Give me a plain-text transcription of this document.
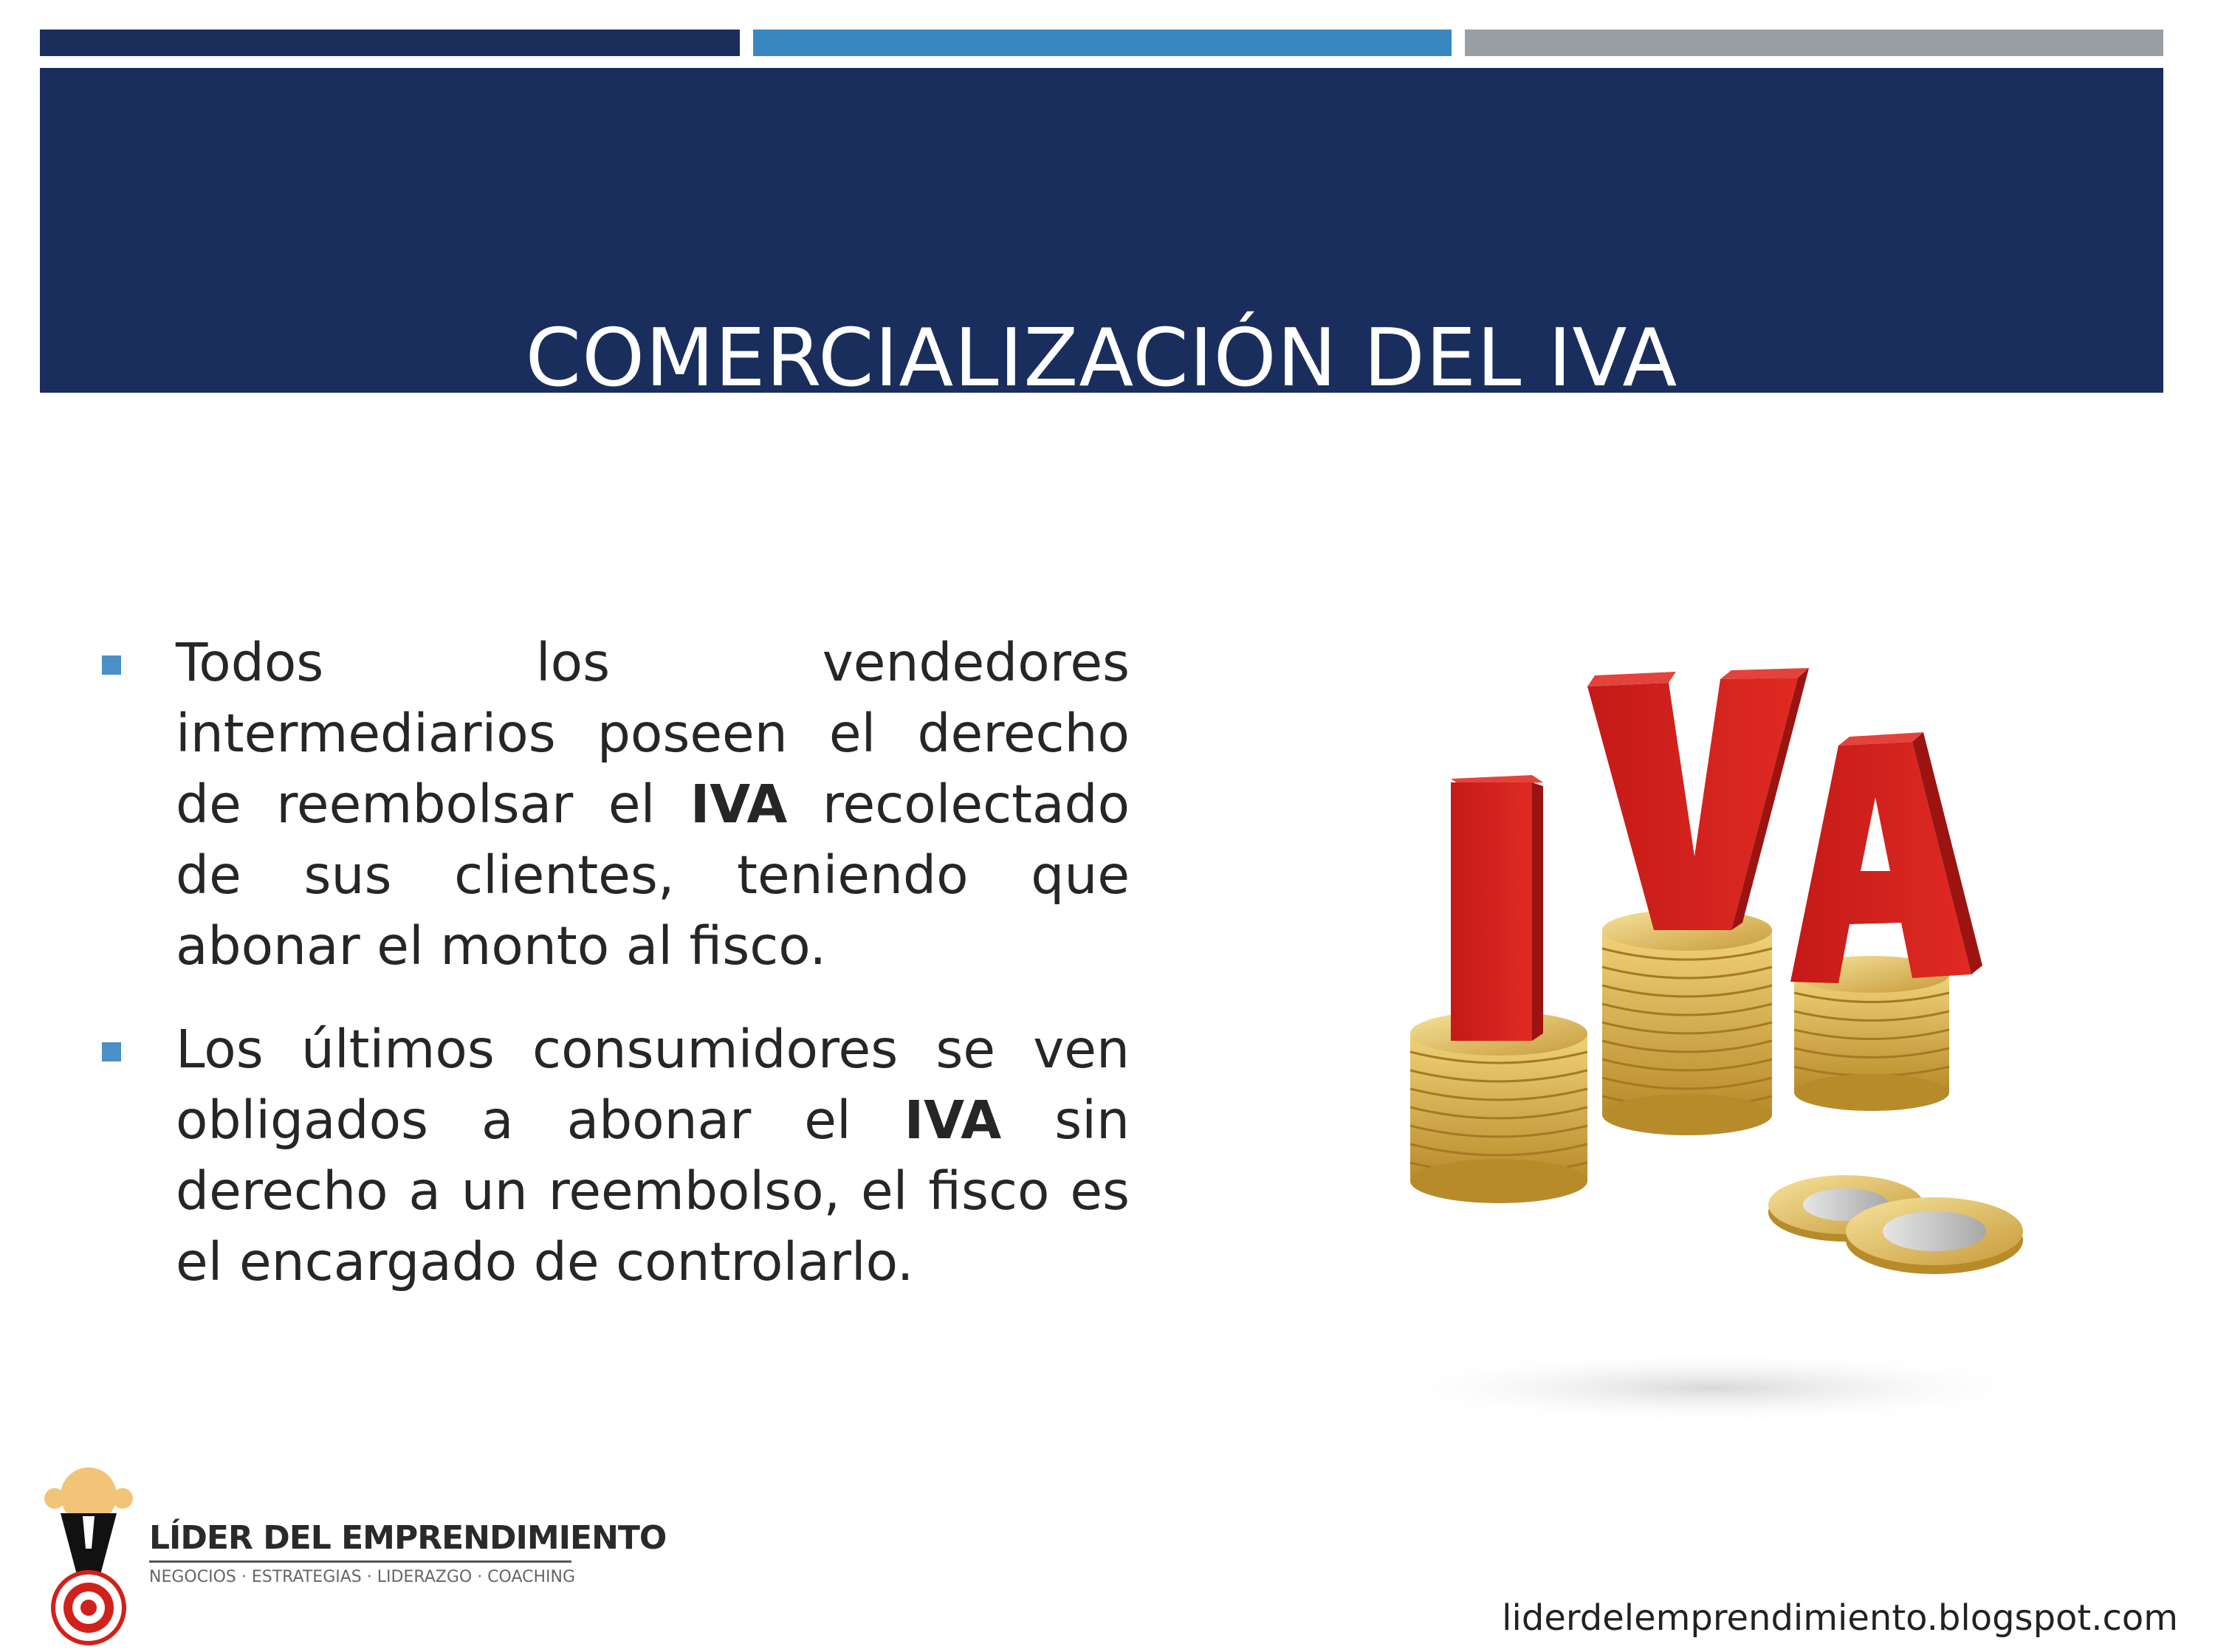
COMERCIALIZACIÓN DEL IVA
Todos los vendedores intermediarios poseen el derecho de reembolsar el IVA recolectado de sus clientes, teniendo que abonar el monto al fisco.
Los últimos consumidores se ven obligados a abonar el IVA sin derecho a un reembolso, el fisco es el encargado de controlarlo.
LÍDER DEL EMPRENDIMIENTO
NEGOCIOS · ESTRATEGIAS · LIDERAZGO · COACHING
liderdelemprendimiento.blogspot.com
